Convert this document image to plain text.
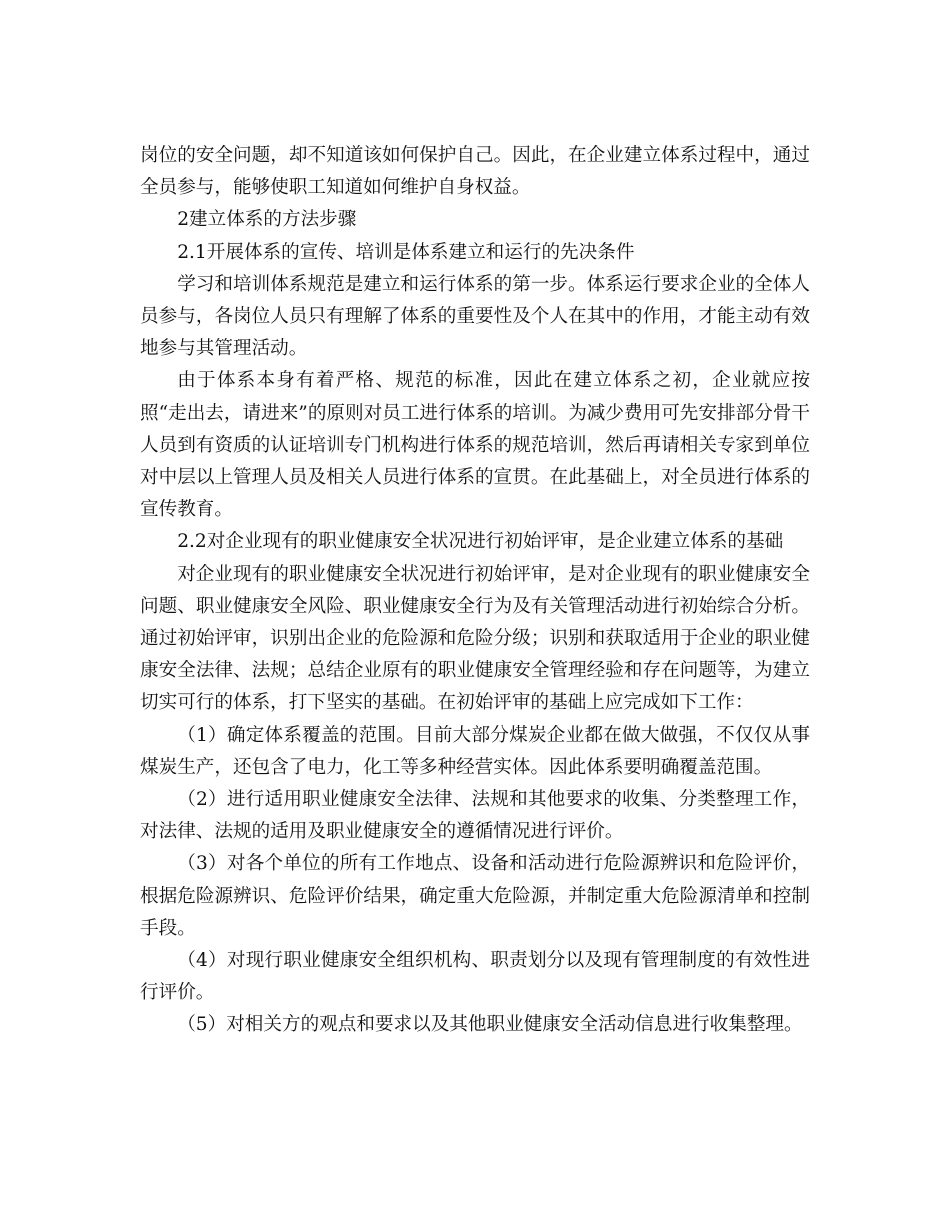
岗位的安全问题，却不知道该如何保护自己。因此，在企业建立体系过程中，通过全员参与，能够使职工知道如何维护自身权益。

2建立体系的方法步骤

2.1开展体系的宣传、培训是体系建立和运行的先决条件

学习和培训体系规范是建立和运行体系的第一步。体系运行要求企业的全体人员参与，各岗位人员只有理解了体系的重要性及个人在其中的作用，才能主动有效地参与其管理活动。

由于体系本身有着严格、规范的标准，因此在建立体系之初，企业就应按照“走出去，请进来”的原则对员工进行体系的培训。为减少费用可先安排部分骨干人员到有资质的认证培训专门机构进行体系的规范培训，然后再请相关专家到单位对中层以上管理人员及相关人员进行体系的宣贯。在此基础上，对全员进行体系的宣传教育。

2.2对企业现有的职业健康安全状况进行初始评审，是企业建立体系的基础

对企业现有的职业健康安全状况进行初始评审，是对企业现有的职业健康安全问题、职业健康安全风险、职业健康安全行为及有关管理活动进行初始综合分析。通过初始评审，识别出企业的危险源和危险分级；识别和获取适用于企业的职业健康安全法律、法规；总结企业原有的职业健康安全管理经验和存在问题等，为建立切实可行的体系，打下坚实的基础。在初始评审的基础上应完成如下工作：

（1）确定体系覆盖的范围。目前大部分煤炭企业都在做大做强，不仅仅从事煤炭生产，还包含了电力，化工等多种经营实体。因此体系要明确覆盖范围。

（2）进行适用职业健康安全法律、法规和其他要求的收集、分类整理工作，对法律、法规的适用及职业健康安全的遵循情况进行评价。

（3）对各个单位的所有工作地点、设备和活动进行危险源辨识和危险评价，根据危险源辨识、危险评价结果，确定重大危险源，并制定重大危险源清单和控制手段。

（4）对现行职业健康安全组织机构、职责划分以及现有管理制度的有效性进行评价。

（5）对相关方的观点和要求以及其他职业健康安全活动信息进行收集整理。
